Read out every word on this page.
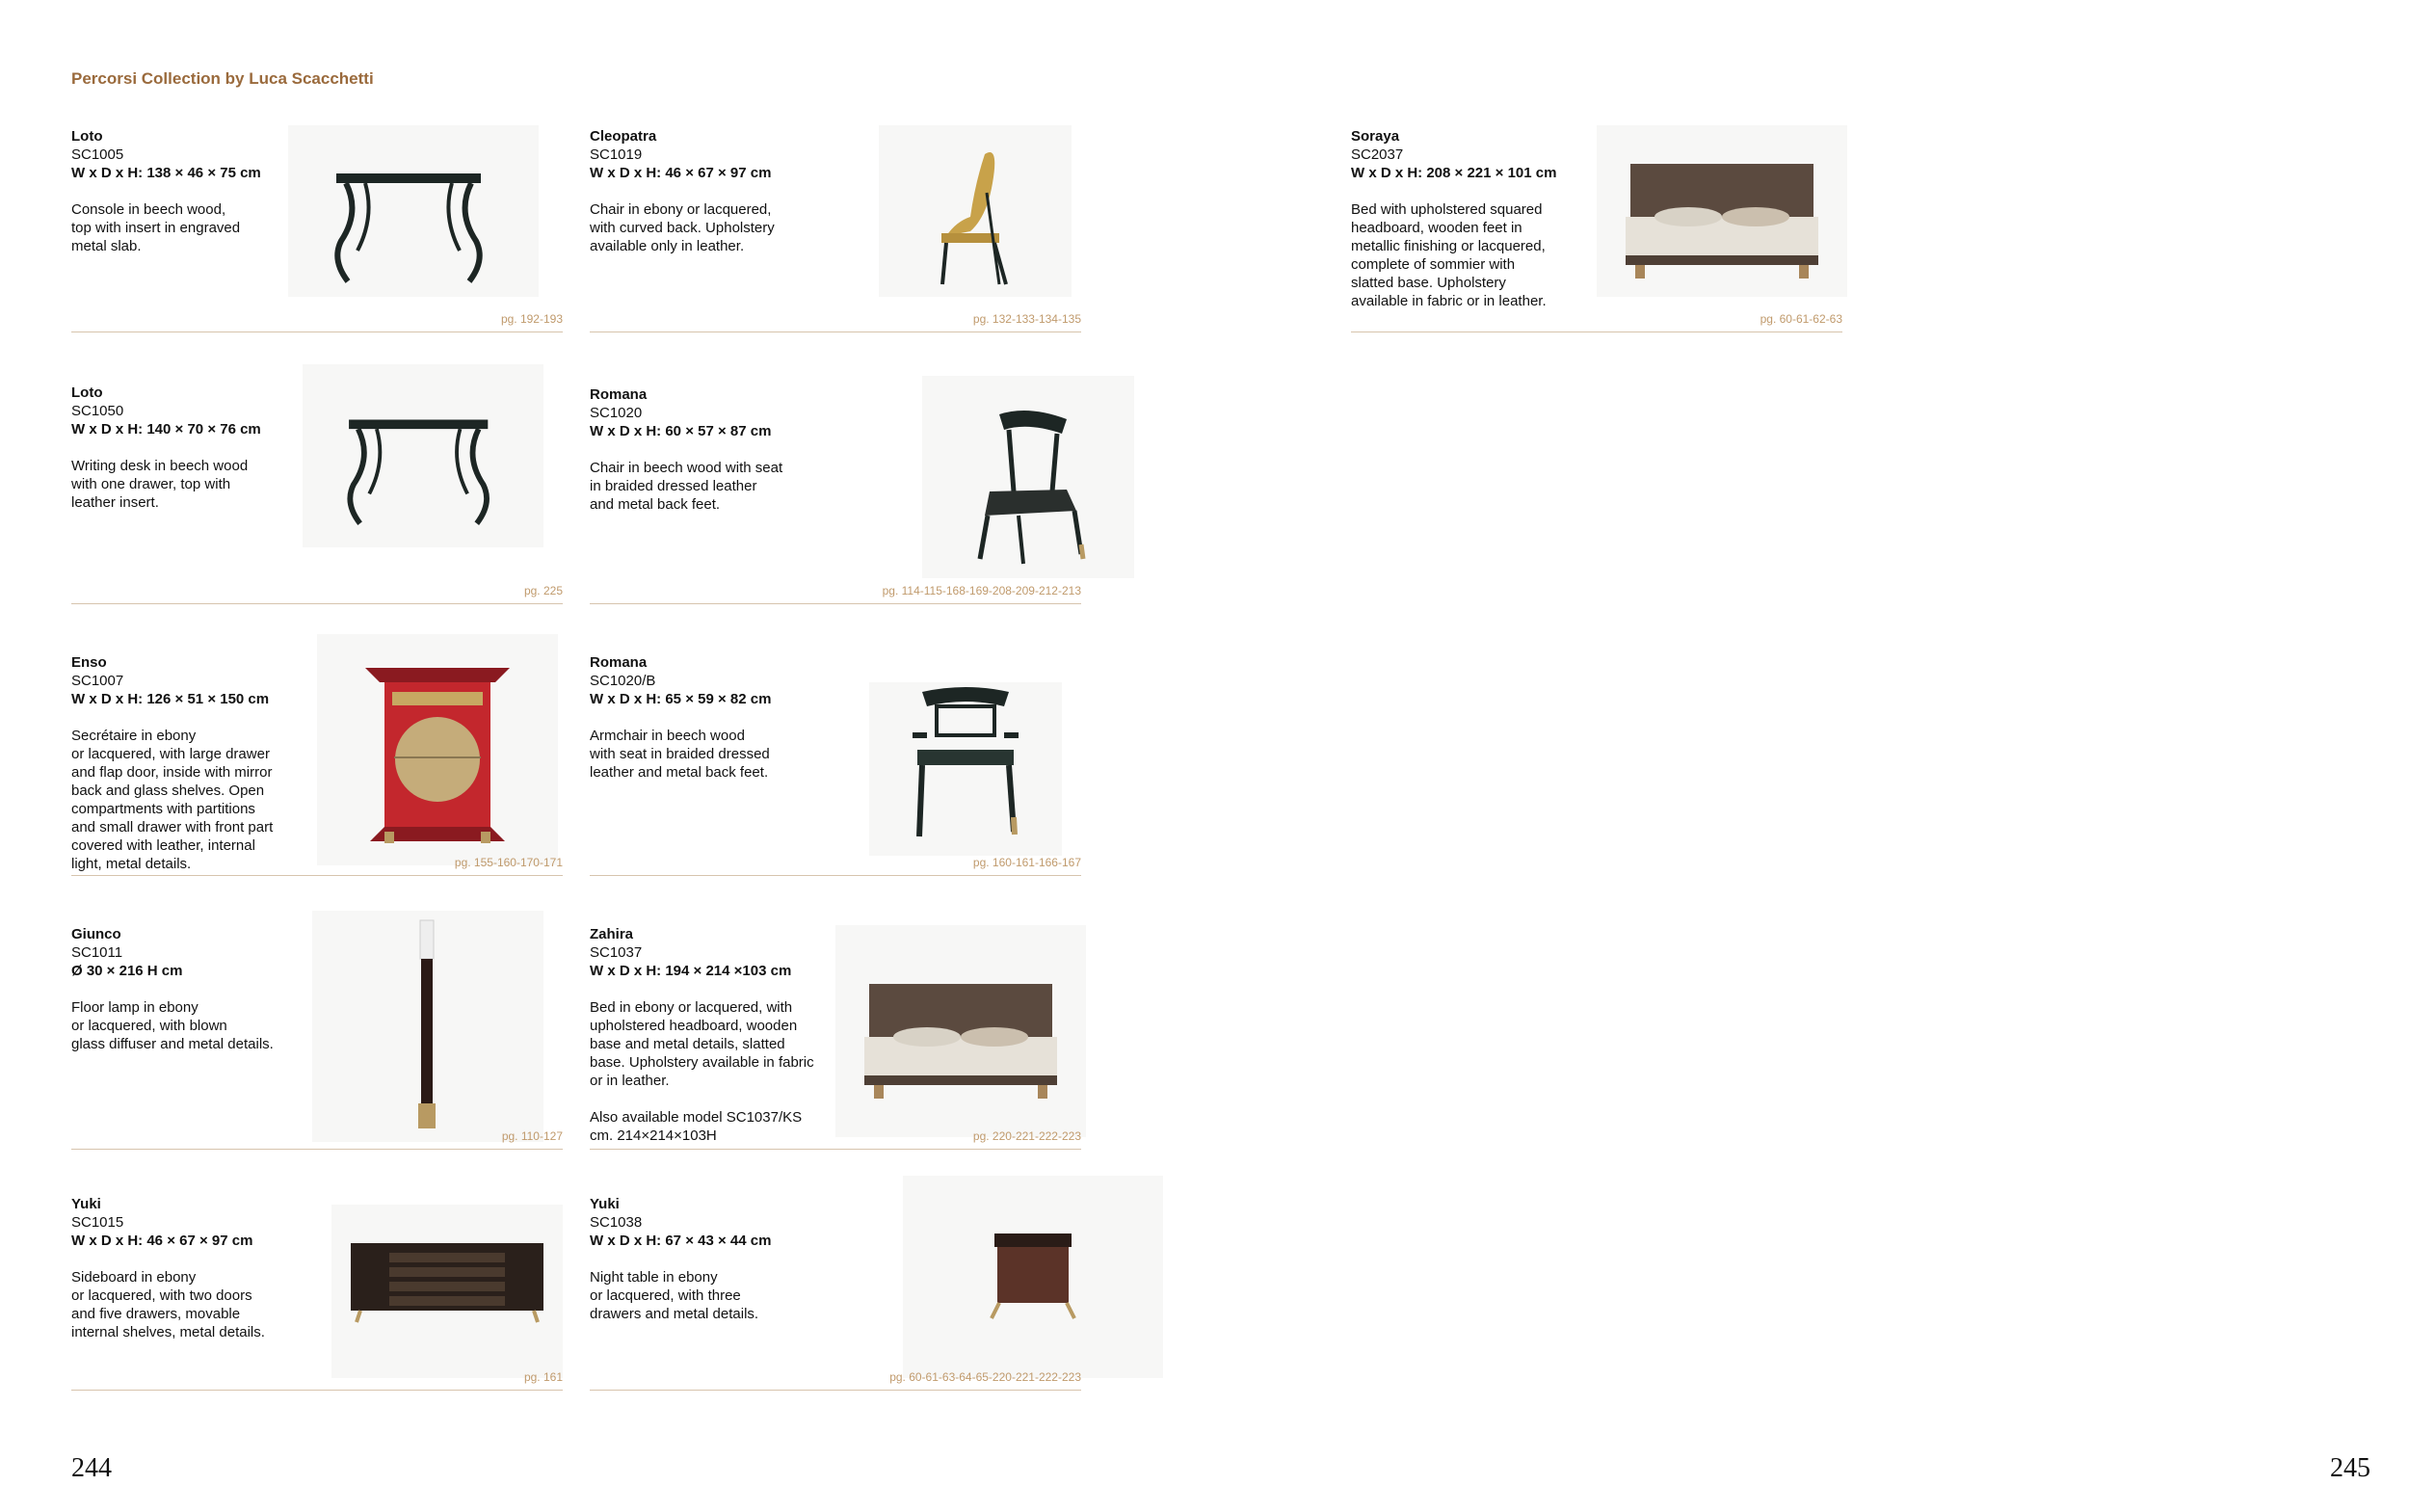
Percorsi Collection by Luca Scacchetti
Loto
SC1005
W x D x H: 138 × 46 × 75 cm
Console in beech wood,
top with insert in engraved
metal slab.
pg. 192-193
Cleopatra
SC1019
W x D x H: 46 × 67 × 97 cm
Chair in ebony or lacquered,
with curved back. Upholstery
available only in leather.
pg. 132-133-134-135
Soraya
SC2037
W x D x H: 208 × 221 × 101 cm
Bed with upholstered squared
headboard, wooden feet in
metallic finishing or lacquered,
complete of sommier with
slatted base. Upholstery
available in fabric or in leather.
pg. 60-61-62-63
Loto
SC1050
W x D x H: 140 × 70 × 76 cm
Writing desk in beech wood
with one drawer, top with
leather insert.
pg. 225
Romana
SC1020
W x D x H: 60 × 57 × 87 cm
Chair in beech wood with seat
in braided dressed leather
and metal back feet.
pg. 114-115-168-169-208-209-212-213
Enso
SC1007
W x D x H: 126 × 51 × 150 cm
Secrétaire in ebony
or lacquered, with large drawer
and flap door, inside with mirror
back and glass shelves. Open
compartments with partitions
and small drawer with front part
covered with leather, internal
light, metal details.	pg. 155-160-170-171
Romana
SC1020/B
W x D x H: 65 × 59 × 82 cm
Armchair in beech wood
with seat in braided dressed
leather and metal back feet.
pg. 160-161-166-167
Giunco
SC1011
Ø 30 × 216 H cm
Floor lamp in ebony
or lacquered, with blown
glass diffuser and metal details.
pg. 110-127
Zahira
SC1037
W x D x H: 194 × 214 ×103 cm
Bed in ebony or lacquered, with
upholstered headboard, wooden
base and metal details, slatted
base. Upholstery available in fabric
or in leather.
Also available model SC1037/KS
cm. 214×214×103H	pg. 220-221-222-223
Yuki
SC1015
W x D x H: 46 × 67 × 97 cm
Sideboard in ebony
or lacquered, with two doors
and five drawers, movable
internal shelves, metal details.
pg. 161
Yuki
SC1038
W x D x H: 67 × 43 × 44 cm
Night table in ebony
or lacquered, with three
drawers and metal details.
pg. 60-61-63-64-65-220-221-222-223
244	245
